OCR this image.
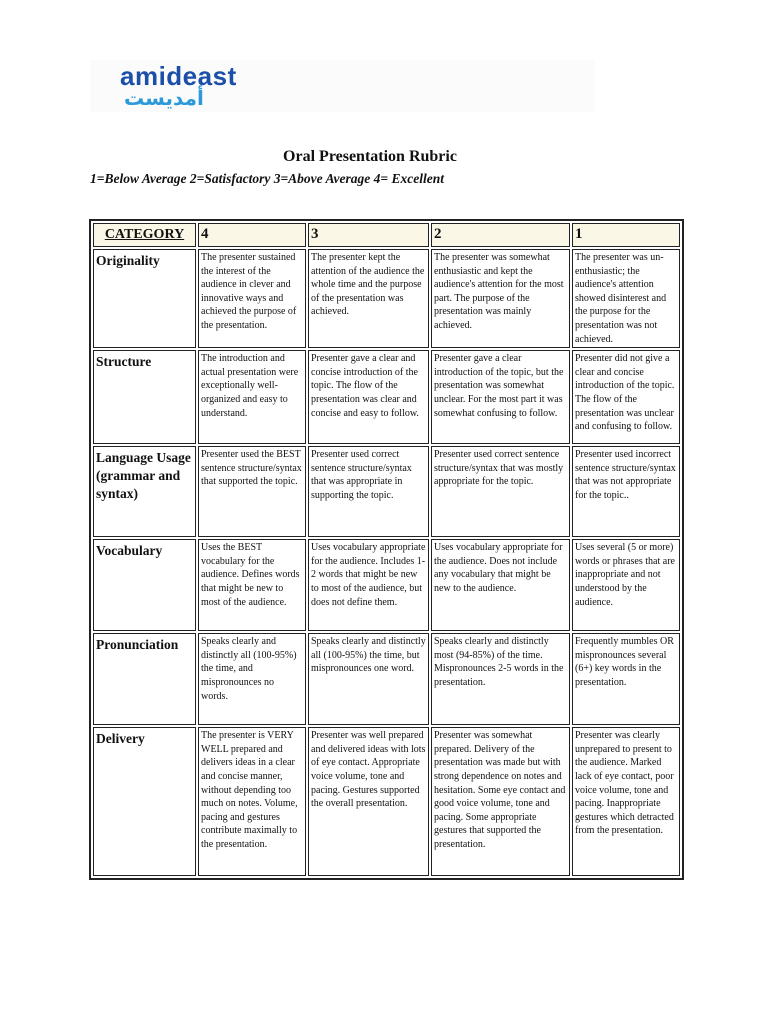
amideast
أمديست
Oral Presentation Rubric
1=Below Average 2=Satisfactory 3=Above Average 4= Excellent
CATEGORY	4	3	2	1
Originality	The presenter sustained the interest of the audience in clever and innovative ways and achieved the purpose of the presentation.	The presenter kept the attention of the audience the whole time and the purpose of the presentation was achieved.	The presenter was somewhat enthusiastic and kept the audience's attention for the most part. The purpose of the presentation was mainly achieved.	The presenter was un-enthusiastic; the audience's attention showed disinterest and the purpose for the presentation was not achieved.
Structure	The introduction and actual presentation were exceptionally well- organized and easy to understand.	Presenter gave a clear and concise introduction of the topic. The flow of the presentation was clear and concise and easy to follow.	Presenter gave a clear introduction of the topic, but the presentation was somewhat unclear. For the most part it was somewhat confusing to follow.	Presenter did not give a clear and concise introduction of the topic. The flow of the presentation was unclear and confusing to follow.
Language Usage (grammar and syntax)	Presenter used the BEST sentence structure/syntax that supported the topic.	Presenter used correct sentence structure/syntax that was appropriate in supporting the topic.	Presenter used correct sentence structure/syntax that was mostly appropriate for the topic.	Presenter used incorrect sentence structure/syntax that was not appropriate for the topic..
Vocabulary	Uses the BEST vocabulary for the audience. Defines words that might be new to most of the audience.	Uses vocabulary appropriate for the audience. Includes 1-2 words that might be new to most of the audience, but does not define them.	Uses vocabulary appropriate for the audience. Does not include any vocabulary that might be new to the audience.	Uses several (5 or more) words or phrases that are inappropriate and not understood by the audience.
Pronunciation	Speaks clearly and distinctly all (100-95%) the time, and mispronounces no words.	Speaks clearly and distinctly all (100-95%) the time, but mispronounces one word.	Speaks clearly and distinctly most (94-85%) of the time. Mispronounces 2-5 words in the presentation.	Frequently mumbles OR mispronounces several (6+) key words in the presentation.
Delivery	The presenter is VERY WELL prepared and delivers ideas in a clear and concise manner, without depending too much on notes. Volume, pacing and gestures contribute maximally to the presentation.	Presenter was well prepared and delivered ideas with lots of eye contact. Appropriate voice volume, tone and pacing. Gestures supported the overall presentation.	Presenter was somewhat prepared. Delivery of the presentation was made but with strong dependence on notes and hesitation. Some eye contact and good voice volume, tone and pacing. Some appropriate gestures that supported the presentation.	Presenter was clearly unprepared to present to the audience. Marked lack of eye contact, poor voice volume, tone and pacing. Inappropriate gestures which detracted from the presentation.
